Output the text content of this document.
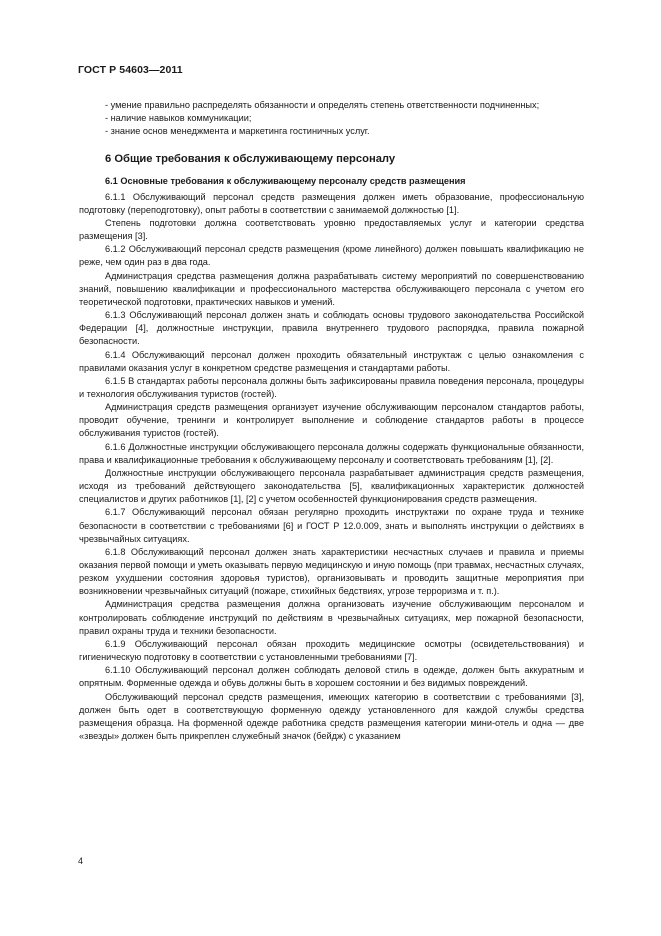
ГОСТ Р 54603—2011

- умение правильно распределять обязанности и определять степень ответственности подчиненных;

- наличие навыков коммуникации;

- знание основ менеджмента и маркетинга гостиничных услуг.

6 Общие требования к обслуживающему персоналу
6.1 Основные требования к обслуживающему персоналу средств размещения

6.1.1 Обслуживающий персонал средств размещения должен иметь образование, профессиональную подготовку (переподготовку), опыт работы в соответствии с занимаемой должностью [1].

Степень подготовки должна соответствовать уровню предоставляемых услуг и категории средства размещения [3].

6.1.2 Обслуживающий персонал средств размещения (кроме линейного) должен повышать квалификацию не реже, чем один раз в два года.

Администрация средства размещения должна разрабатывать систему мероприятий по совершенствованию знаний, повышению квалификации и профессионального мастерства обслуживающего персонала с учетом его теоретической подготовки, практических навыков и умений.

6.1.3 Обслуживающий персонал должен знать и соблюдать основы трудового законодательства Российской Федерации [4], должностные инструкции, правила внутреннего трудового распорядка, правила пожарной безопасности.

6.1.4 Обслуживающий персонал должен проходить обязательный инструктаж с целью ознакомления с правилами оказания услуг в конкретном средстве размещения и стандартами работы.

6.1.5 В стандартах работы персонала должны быть зафиксированы правила поведения персонала, процедуры и технология обслуживания туристов (гостей).

Администрация средств размещения организует изучение обслуживающим персоналом стандартов работы, проводит обучение, тренинги и контролирует выполнение и соблюдение стандартов работы в процессе обслуживания туристов (гостей).

6.1.6 Должностные инструкции обслуживающего персонала должны содержать функциональные обязанности, права и квалификационные требования к обслуживающему персоналу и соответствовать требованиям [1], [2].

Должностные инструкции обслуживающего персонала разрабатывает администрация средств размещения, исходя из требований действующего законодательства [5], квалификационных характеристик должностей специалистов и других работников [1], [2] с учетом особенностей функционирования средств размещения.

6.1.7 Обслуживающий персонал обязан регулярно проходить инструктажи по охране труда и технике безопасности в соответствии с требованиями [6] и ГОСТ Р 12.0.009, знать и выполнять инструкции о действиях в чрезвычайных ситуациях.

6.1.8 Обслуживающий персонал должен знать характеристики несчастных случаев и правила и приемы оказания первой помощи и уметь оказывать первую медицинскую и иную помощь (при травмах, несчастных случаях, резком ухудшении состояния здоровья туристов), организовывать и проводить защитные мероприятия при возникновении чрезвычайных ситуаций (пожаре, стихийных бедствиях, угрозе терроризма и т. п.).

Администрация средства размещения должна организовать изучение обслуживающим персоналом и контролировать соблюдение инструкций по действиям в чрезвычайных ситуациях, мер пожарной безопасности, правил охраны труда и техники безопасности.

6.1.9 Обслуживающий персонал обязан проходить медицинские осмотры (освидетельствования) и гигиеническую подготовку в соответствии с установленными требованиями [7].

6.1.10 Обслуживающий персонал должен соблюдать деловой стиль в одежде, должен быть аккуратным и опрятным. Форменные одежда и обувь должны быть в хорошем состоянии и без видимых повреждений.

Обслуживающий персонал средств размещения, имеющих категорию в соответствии с требованиями [3], должен быть одет в соответствующую форменную одежду установленного для каждой службы средства размещения образца. На форменной одежде работника средств размещения категории мини-отель и одна — две «звезды» должен быть прикреплен служебный значок (бейдж) с указанием

4
